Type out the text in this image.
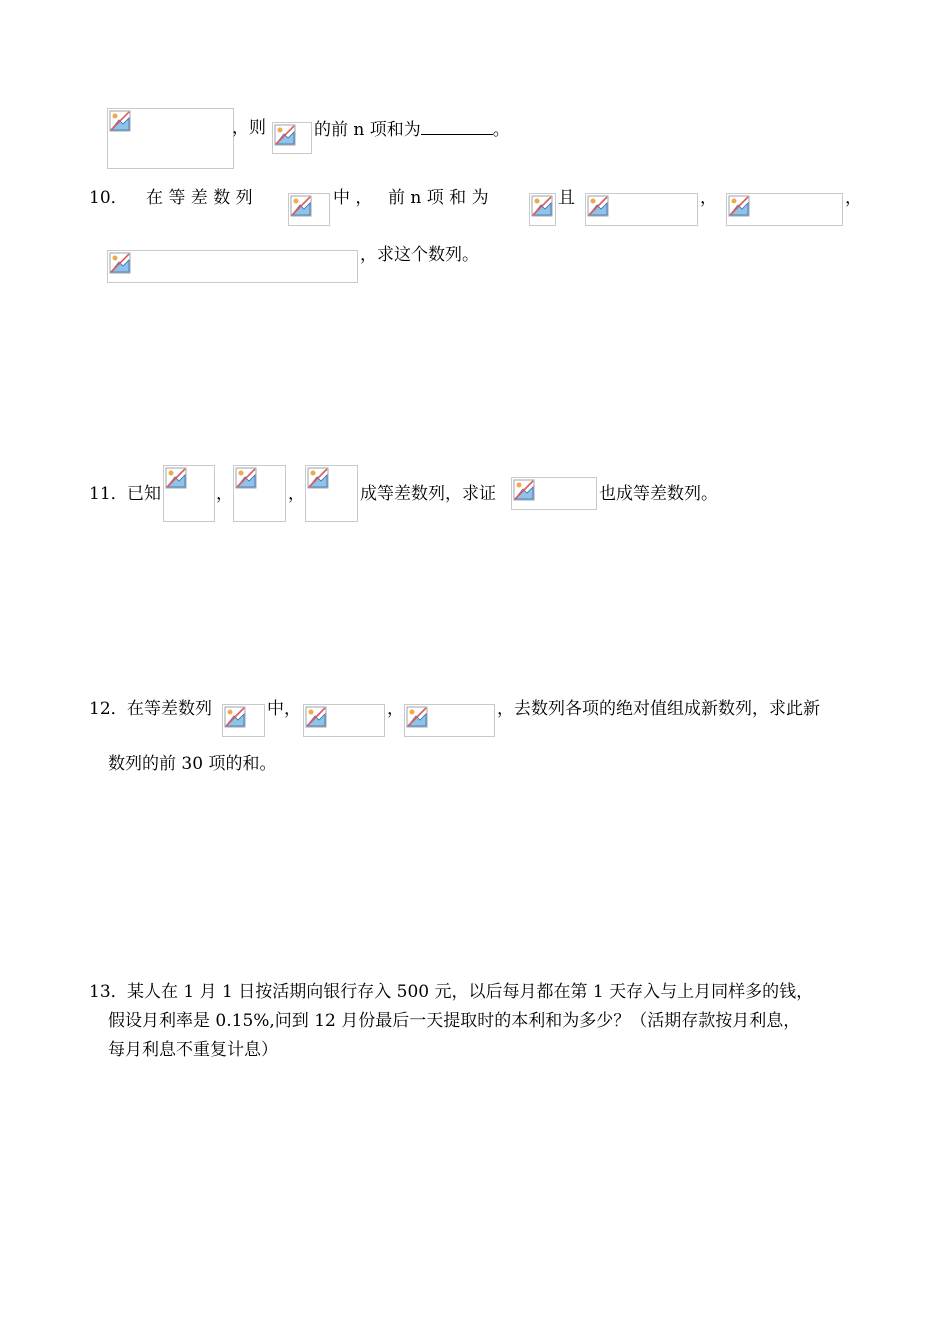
，则	的前 n 项和为	。
10． 在 等 差 数 列	中 ， 前 n 项 和 为	且	，	，
，求这个数列。
11． 已知	，	，	成等差数列，求证	也成等差数列。
12． 在等差数列	中，	，	，去数列各项的绝对值组成新数列，求此新
数列的前 30 项的和。
13． 某人在 1 月 1 日按活期向银行存入 500 元，以后每月都在第 1 天存入与上月同样多的钱，
假设月利率是 0.15%,问到 12 月份最后一天提取时的本利和为多少？（活期存款按月利息，
每月利息不重复计息）
